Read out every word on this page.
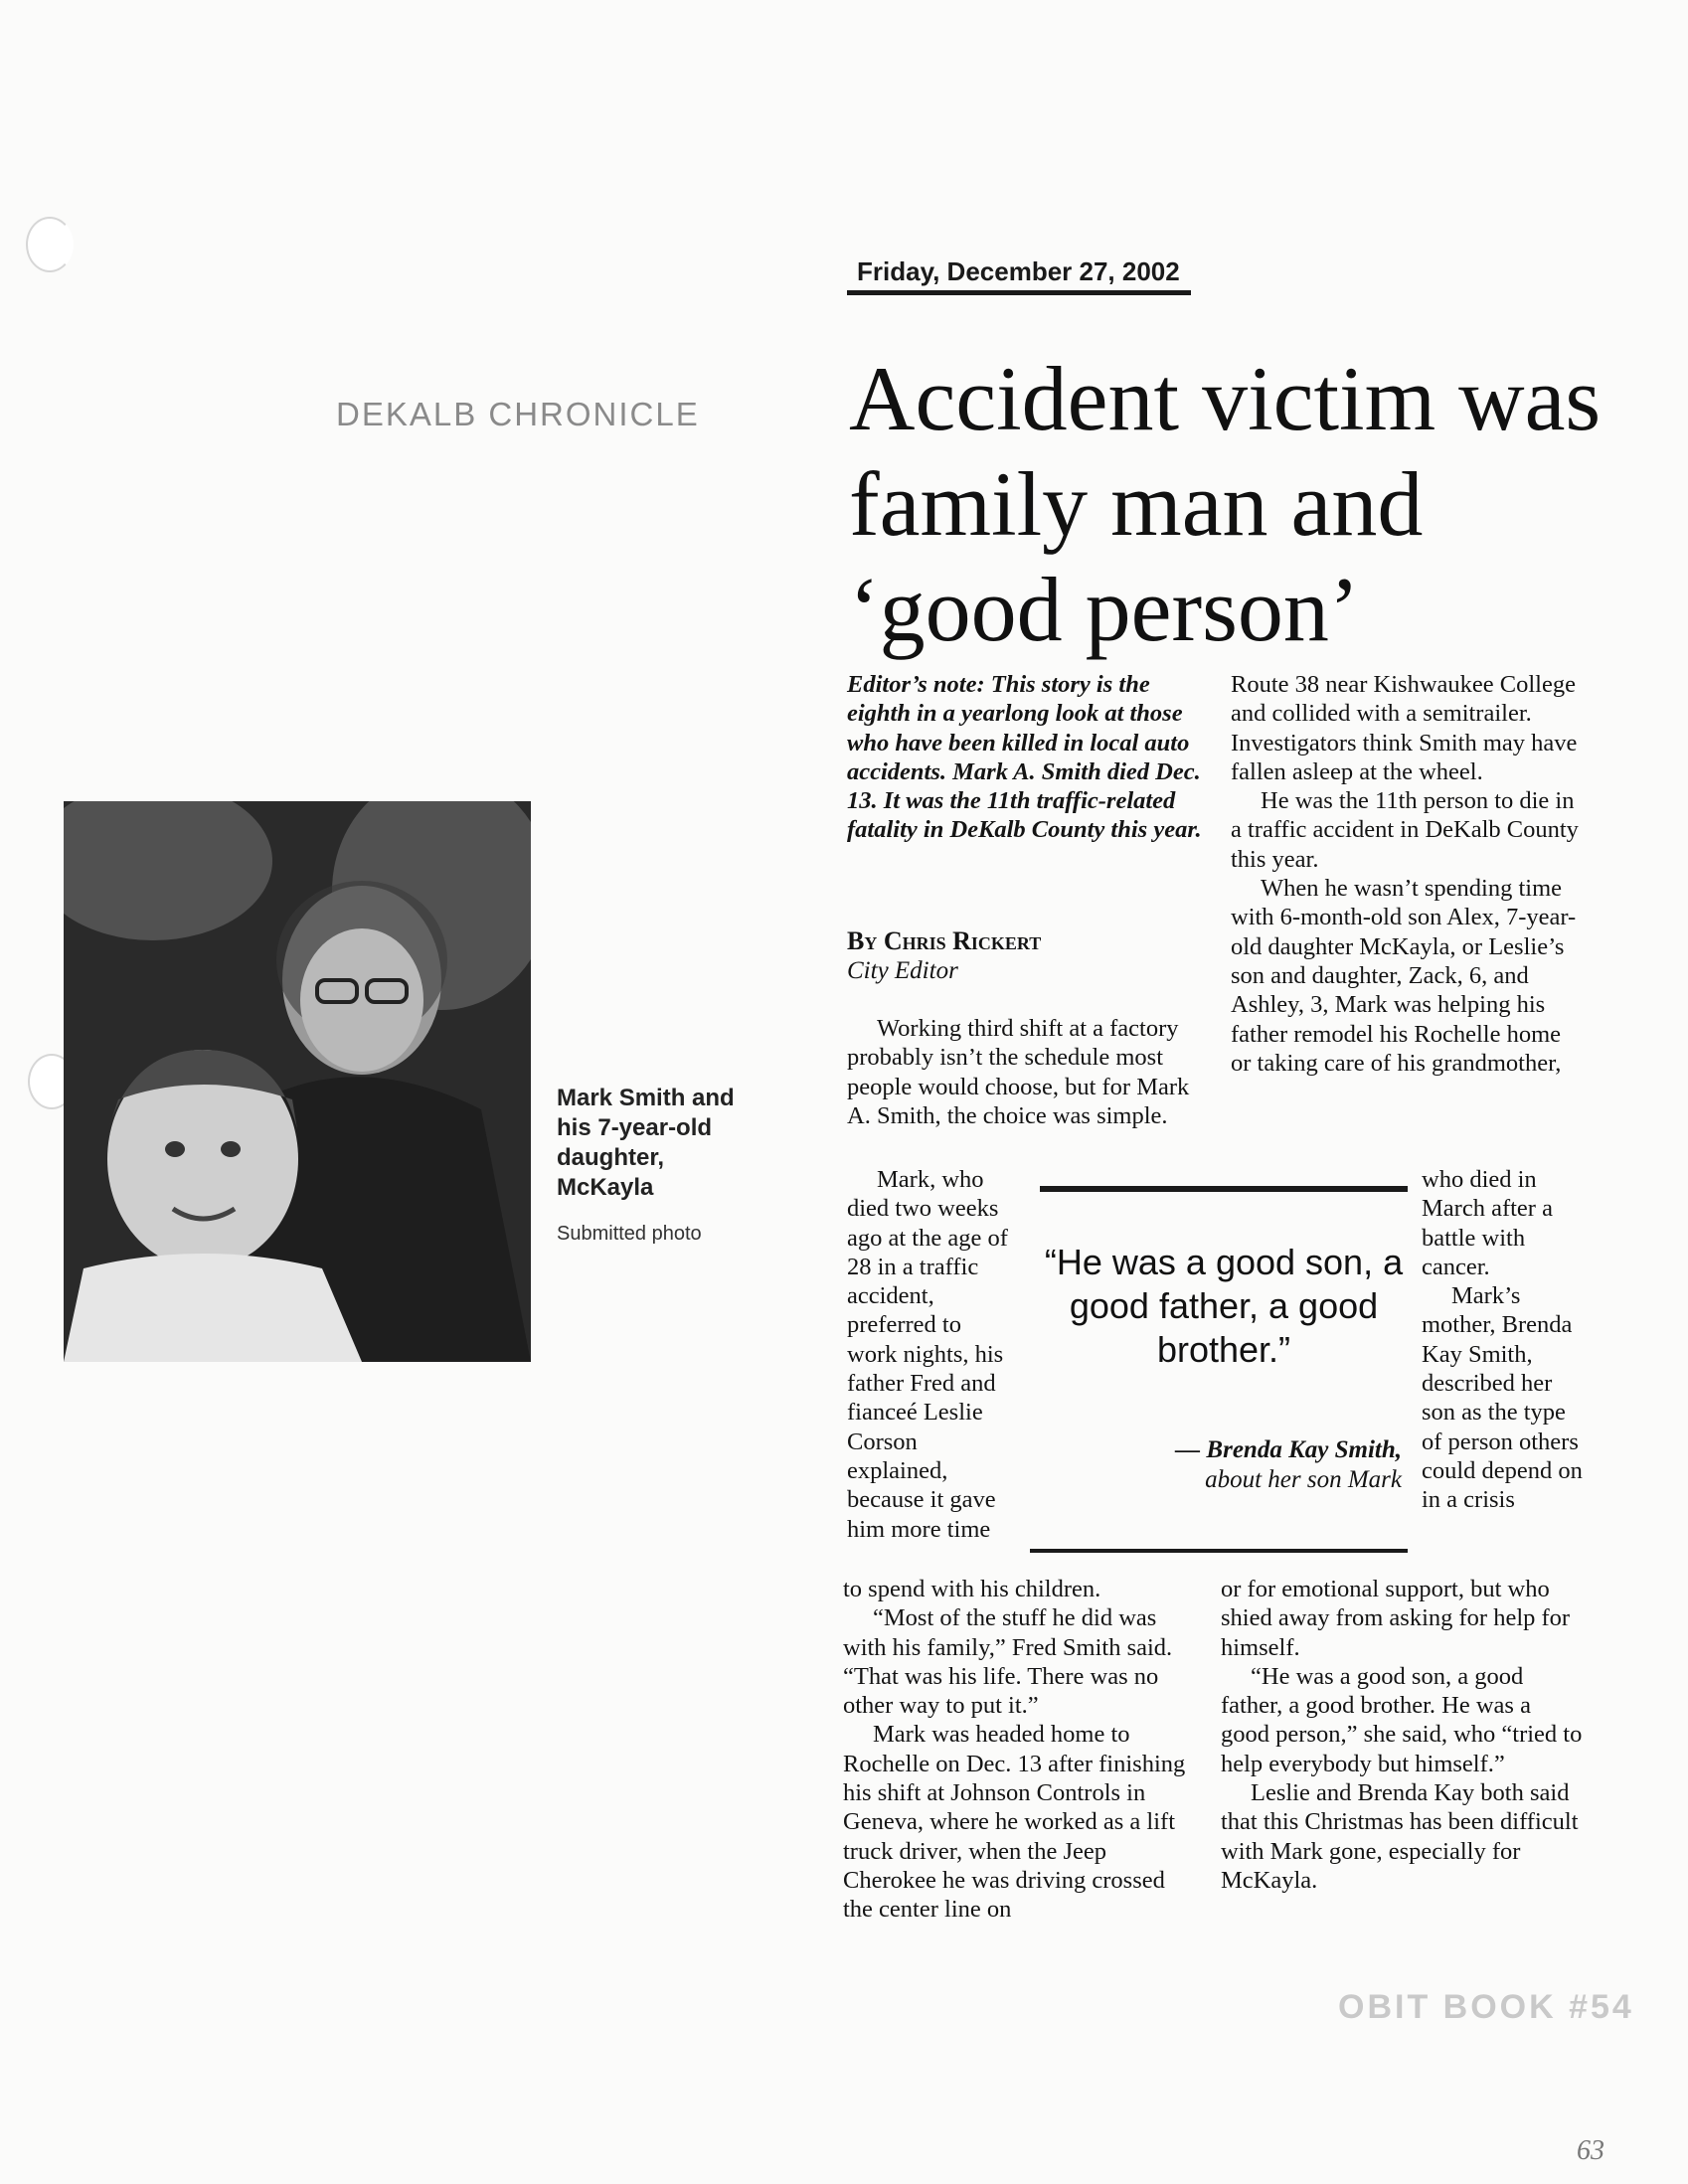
DEKALB CHRONICLE
Mark Smith and his 7-year-old daughter, McKayla
Submitted photo
Friday, December 27, 2002
Accident victim was family man and ‘good person’

Editor’s note: This story is the eighth in a yearlong look at those who have been killed in local auto accidents. Mark A. Smith died Dec. 13. It was the 11th traffic-related fatality in DeKalb County this year.

By Chris Rickert
City Editor

Working third shift at a factory probably isn’t the schedule most people would choose, but for Mark A. Smith, the choice was simple.

Mark, who died two weeks ago at the age of 28 in a traffic accident, preferred to work nights, his father Fred and fianceé Leslie Corson explained, because it gave him more time

to spend with his children.

“Most of the stuff he did was with his family,” Fred Smith said. “That was his life. There was no other way to put it.”

Mark was headed home to Rochelle on Dec. 13 after finishing his shift at Johnson Controls in Geneva, where he worked as a lift truck driver, when the Jeep Cherokee he was driving crossed the center line on

Route 38 near Kishwaukee College and collided with a semitrailer. Investigators think Smith may have fallen asleep at the wheel.

He was the 11th person to die in a traffic accident in DeKalb County this year.

When he wasn’t spending time with 6-month-old son Alex, 7-year-old daughter McKayla, or Leslie’s son and daughter, Zack, 6, and Ashley, 3, Mark was helping his father remodel his Rochelle home or taking care of his grandmother,

who died in March after a battle with cancer.

Mark’s mother, Brenda Kay Smith, described her son as the type of person others could depend on in a crisis

or for emotional support, but who shied away from asking for help for himself.

“He was a good son, a good father, a good brother. He was a good person,” she said, who “tried to help everybody but himself.”

Leslie and Brenda Kay both said that this Christmas has been difficult with Mark gone, especially for McKayla.

“He was a good son, a good father, a good brother.”
— Brenda Kay Smith,
about her son Mark
OBIT BOOK #54
63
